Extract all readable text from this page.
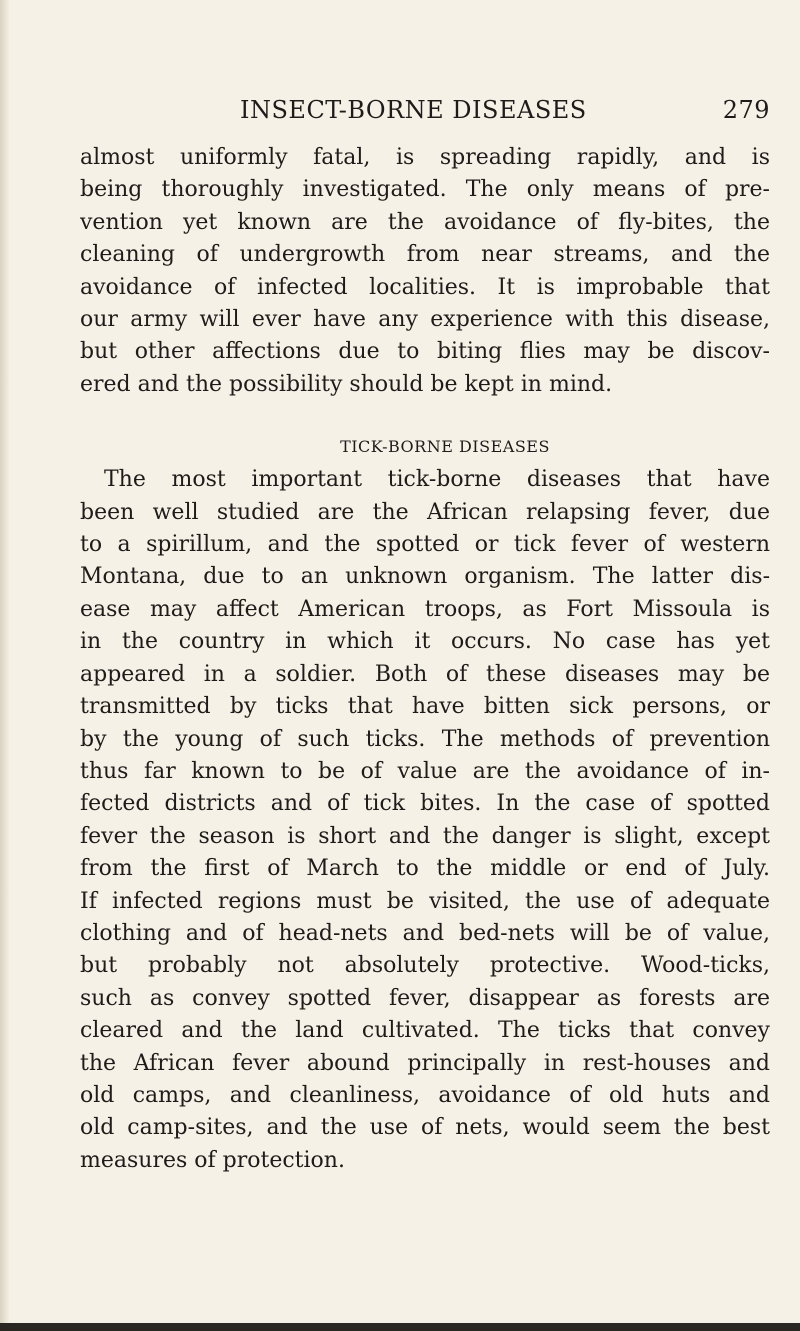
INSECT-BORNE DISEASES	279
almost uniformly fatal, is spreading rapidly, and is
being thoroughly investigated. The only means of pre-
vention yet known are the avoidance of fly-bites, the
cleaning of undergrowth from near streams, and the
avoidance of infected localities. It is improbable that
our army will ever have any experience with this disease,
but other affections due to biting flies may be discov-
ered and the possibility should be kept in mind.
TICK-BORNE DISEASES
The most important tick-borne diseases that have
been well studied are the African relapsing fever, due
to a spirillum, and the spotted or tick fever of western
Montana, due to an unknown organism. The latter dis-
ease may affect American troops, as Fort Missoula is
in the country in which it occurs. No case has yet
appeared in a soldier. Both of these diseases may be
transmitted by ticks that have bitten sick persons, or
by the young of such ticks. The methods of prevention
thus far known to be of value are the avoidance of in-
fected districts and of tick bites. In the case of spotted
fever the season is short and the danger is slight, except
from the first of March to the middle or end of July.
If infected regions must be visited, the use of adequate
clothing and of head-nets and bed-nets will be of value,
but probably not absolutely protective. Wood-ticks,
such as convey spotted fever, disappear as forests are
cleared and the land cultivated. The ticks that convey
the African fever abound principally in rest-houses and
old camps, and cleanliness, avoidance of old huts and
old camp-sites, and the use of nets, would seem the best
measures of protection.
